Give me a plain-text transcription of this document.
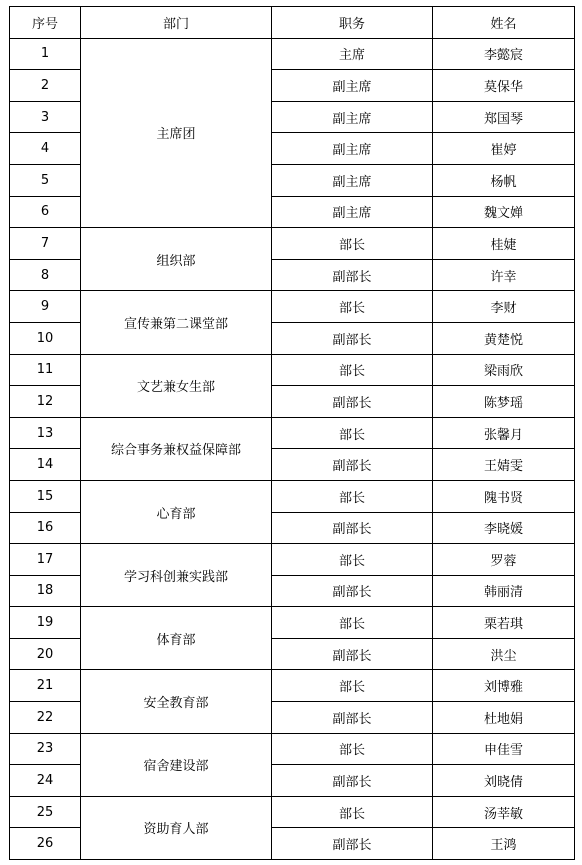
序号	部门	职务	姓名
1	主席团	主席	李懿宸
2		副主席	莫保华
3		副主席	郑国琴
4		副主席	崔婷
5		副主席	杨帆
6		副主席	魏文婵
7	组织部	部长	桂婕
8		副部长	许幸
9	宣传兼第二课堂部	部长	李财
10		副部长	黄楚悦
11	文艺兼女生部	部长	梁雨欣
12		副部长	陈梦瑶
13	综合事务兼权益保障部	部长	张馨月
14		副部长	王婧雯
15	心育部	部长	隗书贤
16		副部长	李晓媛
17	学习科创兼实践部	部长	罗蓉
18		副部长	韩丽清
19	体育部	部长	栗若琪
20		副部长	洪尘
21	安全教育部	部长	刘博雅
22		副部长	杜地娟
23	宿舍建设部	部长	申佳雪
24		副部长	刘晓倩
25	资助育人部	部长	汤莘敏
26		副部长	王鸿
